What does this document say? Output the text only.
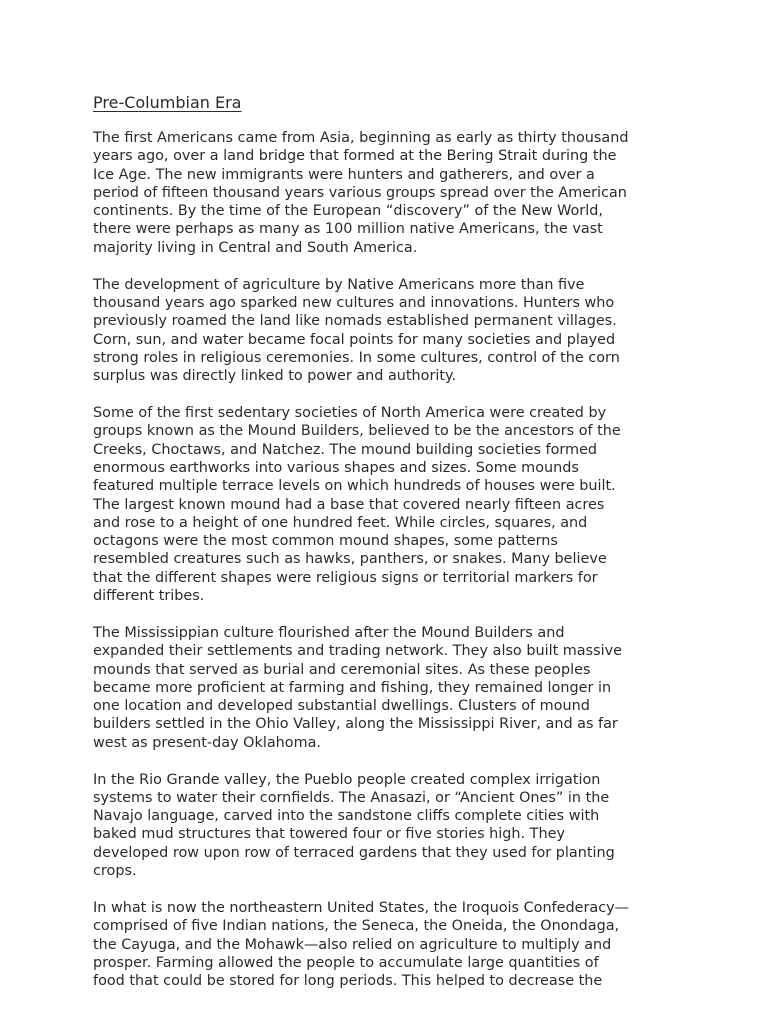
Pre-Columbian Era
The first Americans came from Asia, beginning as early as thirty thousand
years ago, over a land bridge that formed at the Bering Strait during the
Ice Age. The new immigrants were hunters and gatherers, and over a
period of fifteen thousand years various groups spread over the American
continents. By the time of the European “discovery” of the New World,
there were perhaps as many as 100 million native Americans, the vast
majority living in Central and South America.
The development of agriculture by Native Americans more than five
thousand years ago sparked new cultures and innovations. Hunters who
previously roamed the land like nomads established permanent villages.
Corn, sun, and water became focal points for many societies and played
strong roles in religious ceremonies. In some cultures, control of the corn
surplus was directly linked to power and authority.
Some of the first sedentary societies of North America were created by
groups known as the Mound Builders, believed to be the ancestors of the
Creeks, Choctaws, and Natchez. The mound building societies formed
enormous earthworks into various shapes and sizes. Some mounds
featured multiple terrace levels on which hundreds of houses were built.
The largest known mound had a base that covered nearly fifteen acres
and rose to a height of one hundred feet. While circles, squares, and
octagons were the most common mound shapes, some patterns
resembled creatures such as hawks, panthers, or snakes. Many believe
that the different shapes were religious signs or territorial markers for
different tribes.
The Mississippian culture flourished after the Mound Builders and
expanded their settlements and trading network. They also built massive
mounds that served as burial and ceremonial sites. As these peoples
became more proficient at farming and fishing, they remained longer in
one location and developed substantial dwellings. Clusters of mound
builders settled in the Ohio Valley, along the Mississippi River, and as far
west as present-day Oklahoma.
In the Rio Grande valley, the Pueblo people created complex irrigation
systems to water their cornfields. The Anasazi, or “Ancient Ones” in the
Navajo language, carved into the sandstone cliffs complete cities with
baked mud structures that towered four or five stories high. They
developed row upon row of terraced gardens that they used for planting
crops.
In what is now the northeastern United States, the Iroquois Confederacy—
comprised of five Indian nations, the Seneca, the Oneida, the Onondaga,
the Cayuga, and the Mohawk—also relied on agriculture to multiply and
prosper. Farming allowed the people to accumulate large quantities of
food that could be stored for long periods. This helped to decrease the
